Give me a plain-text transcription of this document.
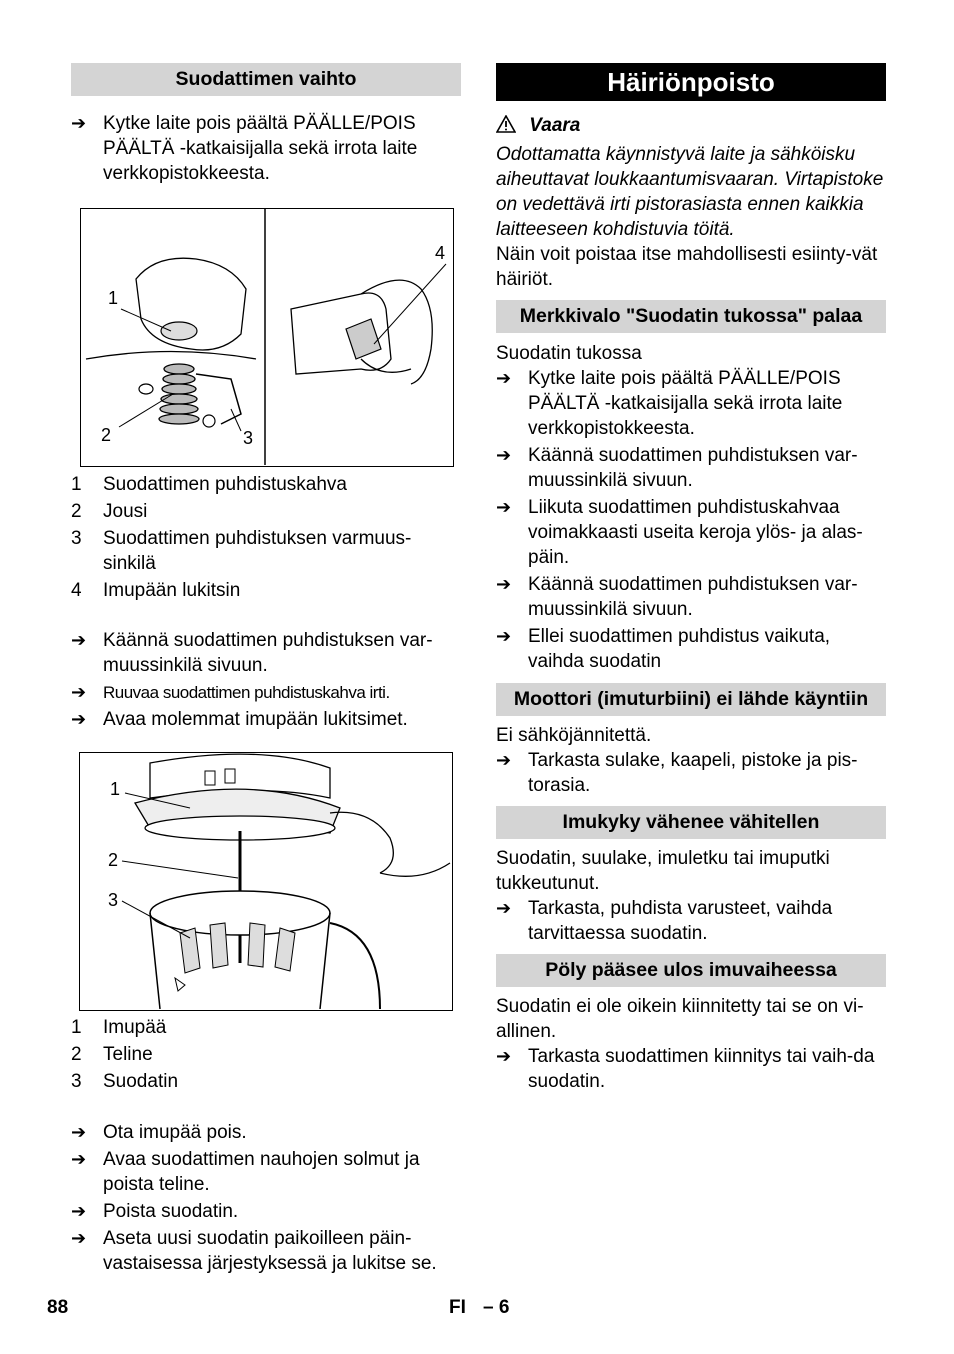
Suodattimen vaihto
➔ Kytke laite pois päältä PÄÄLLE/POIS PÄÄLTÄ -katkaisijalla sekä irrota laite verkkopistokkeesta.
1
2	3
4
1 Suodattimen puhdistuskahva
2 Jousi
3 Suodattimen puhdistuksen varmuus-sinkilä
4 Imupään lukitsin
➔ Käännä suodattimen puhdistuksen var-muussinkilä sivuun.
➔	Ruuvaa suodattimen puhdistuskahva irti.
➔ Avaa molemmat imupään lukitsimet.
1
2
3
1 Imupää
2 Teline
3 Suodatin
➔ Ota imupää pois.
➔ Avaa suodattimen nauhojen solmut ja poista teline.
➔ Poista suodatin.
➔ Aseta uusi suodatin paikoilleen päin-vastaisessa järjestyksessä ja lukitse se.
Häiriönpoisto
Vaara
Odottamatta käynnistyvä laite ja sähköisku aiheuttavat loukkaantumisvaaran. Virtapistoke on vedettävä irti pistorasiasta ennen kaikkia laitteeseen kohdistuvia töitä.

Näin voit poistaa itse mahdollisesti esiinty-vät häiriöt.

Merkkivalo "Suodatin tukossa" palaa

Suodatin tukossa

➔ Kytke laite pois päältä PÄÄLLE/POIS PÄÄLTÄ -katkaisijalla sekä irrota laite verkkopistokkeesta.
➔ Käännä suodattimen puhdistuksen var-muussinkilä sivuun.
➔ Liikuta suodattimen puhdistuskahvaa voimakkaasti useita keroja ylös- ja alas-päin.
➔ Käännä suodattimen puhdistuksen var-muussinkilä sivuun.
➔ Ellei suodattimen puhdistus vaikuta, vaihda suodatin
Moottori (imuturbiini) ei lähde käyntiin

Ei sähköjännitettä.

➔ Tarkasta sulake, kaapeli, pistoke ja pis-torasia.
Imukyky vähenee vähitellen

Suodatin, suulake, imuletku tai imuputki tukkeutunut.

➔ Tarkasta, puhdista varusteet, vaihda tarvittaessa suodatin.
Pöly pääsee ulos imuvaiheessa

Suodatin ei ole oikein kiinnitetty tai se on vi-allinen.

➔ Tarkasta suodattimen kiinnitys tai vaih-da suodatin.
88	FI – 6
